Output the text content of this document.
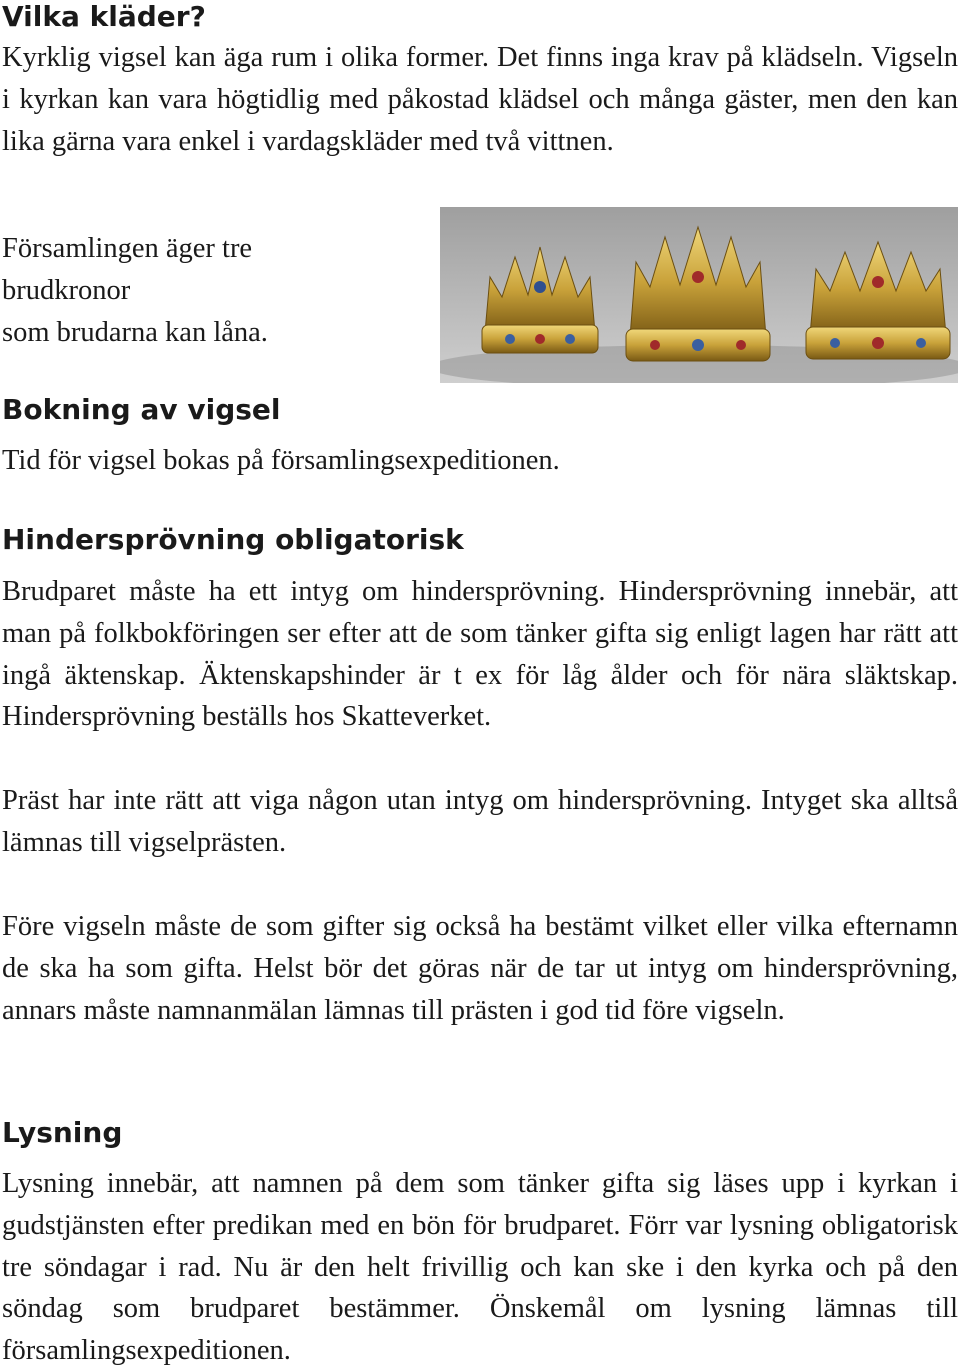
Vilka kläder?

Kyrklig vigsel kan äga rum i olika former. Det finns inga krav på klädseln. Vigseln i kyrkan kan vara högtidlig med påkostad klädsel och många gäster, men den kan lika gärna vara enkel i vardagskläder med två vittnen.

Församlingen äger tre

brudkronor

som brudarna kan låna.

Bokning av vigsel

Tid för vigsel bokas på församlingsexpeditionen.

Hindersprövning obligatorisk

Brudparet måste ha ett intyg om hindersprövning. Hindersprövning innebär, att man på folkbokföringen ser efter att de som tänker gifta sig enligt lagen har rätt att ingå äktenskap. Äktenskapshinder är t ex för låg ålder och för nära släktskap. Hindersprövning beställs hos Skatteverket.

Präst har inte rätt att viga någon utan intyg om hindersprövning. Intyget ska alltså lämnas till vigselprästen.

Före vigseln måste de som gifter sig också ha bestämt vilket eller vilka efternamn de ska ha som gifta. Helst bör det göras när de tar ut intyg om hindersprövning, annars måste namnanmälan lämnas till prästen i god tid före vigseln.

Lysning

Lysning innebär, att namnen på dem som tänker gifta sig läses upp i kyrkan i gudstjänsten efter predikan med en bön för brudparet. Förr var lysning obligatorisk tre söndagar i rad. Nu är den helt frivillig och kan ske i den kyrka och på den söndag som brudparet bestämmer. Önskemål om lysning lämnas till församlingsexpeditionen.
